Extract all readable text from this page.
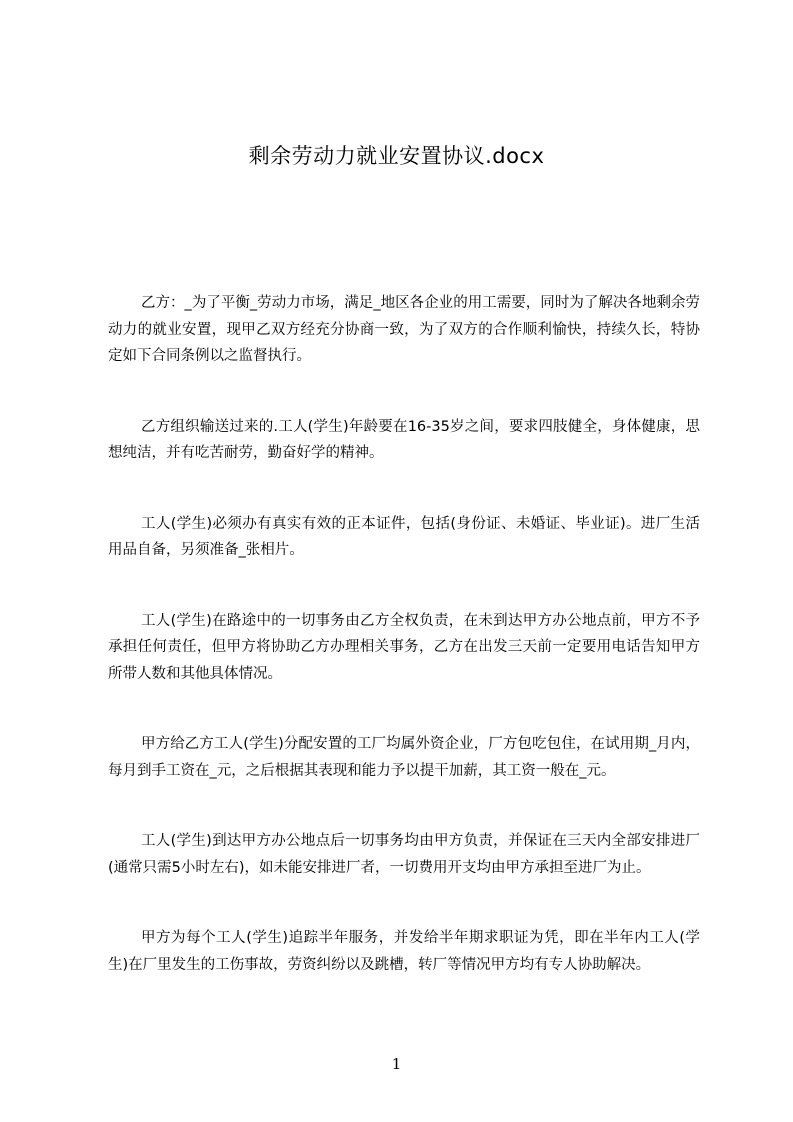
剩余劳动力就业安置协议.docx

乙方：_为了平衡_劳动力市场，满足_地区各企业的用工需要，同时为了解决各地剩余劳动力的就业安置，现甲乙双方经充分协商一致，为了双方的合作顺利愉快，持续久长，特协定如下合同条例以之监督执行。

乙方组织输送过来的.工人(学生)年龄要在16-35岁之间，要求四肢健全，身体健康，思想纯洁，并有吃苦耐劳，勤奋好学的精神。

工人(学生)必须办有真实有效的正本证件，包括(身份证、未婚证、毕业证)。进厂生活用品自备，另须准备_张相片。

工人(学生)在路途中的一切事务由乙方全权负责，在未到达甲方办公地点前，甲方不予承担任何责任，但甲方将协助乙方办理相关事务，乙方在出发三天前一定要用电话告知甲方所带人数和其他具体情况。

甲方给乙方工人(学生)分配安置的工厂均属外资企业，厂方包吃包住，在试用期_月内，每月到手工资在_元，之后根据其表现和能力予以提干加薪，其工资一般在_元。

工人(学生)到达甲方办公地点后一切事务均由甲方负责，并保证在三天内全部安排进厂(通常只需5小时左右)，如未能安排进厂者，一切费用开支均由甲方承担至进厂为止。

甲方为每个工人(学生)追踪半年服务，并发给半年期求职证为凭，即在半年内工人(学生)在厂里发生的工伤事故，劳资纠纷以及跳槽，转厂等情况甲方均有专人协助解决。

1
